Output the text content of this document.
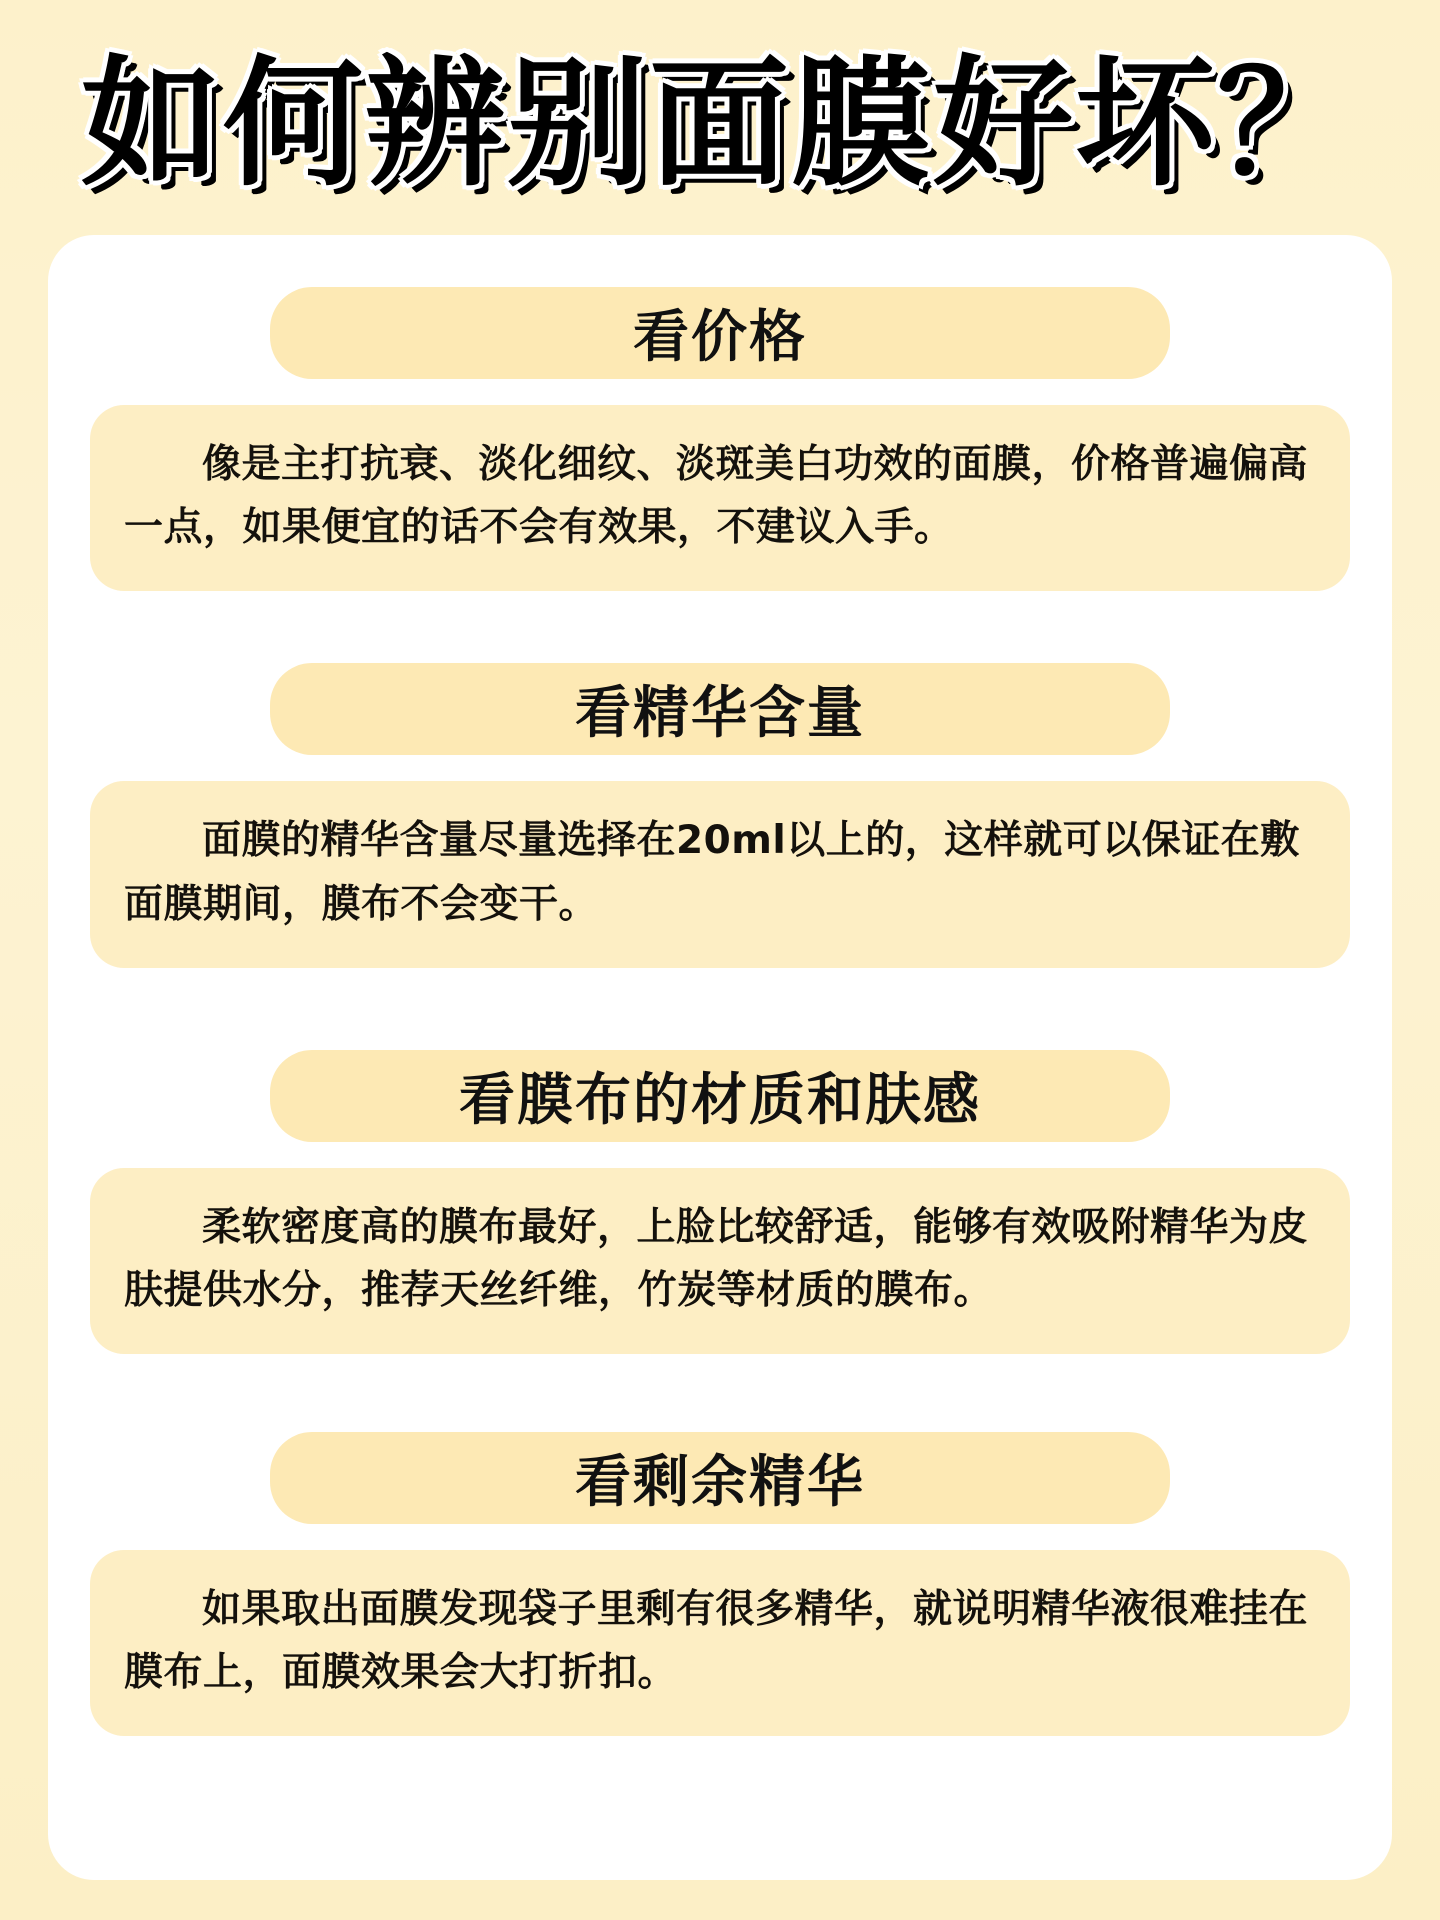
如何辨别面膜好坏？
看价格

像是主打抗衰、淡化细纹、淡斑美白功效的面膜，价格普遍偏高一点，如果便宜的话不会有效果，不建议入手。

看精华含量

面膜的精华含量尽量选择在20ml以上的，这样就可以保证在敷面膜期间，膜布不会变干。

看膜布的材质和肤感

柔软密度高的膜布最好，上脸比较舒适，能够有效吸附精华为皮肤提供水分，推荐天丝纤维，竹炭等材质的膜布。

看剩余精华

如果取出面膜发现袋子里剩有很多精华，就说明精华液很难挂在膜布上，面膜效果会大打折扣。
